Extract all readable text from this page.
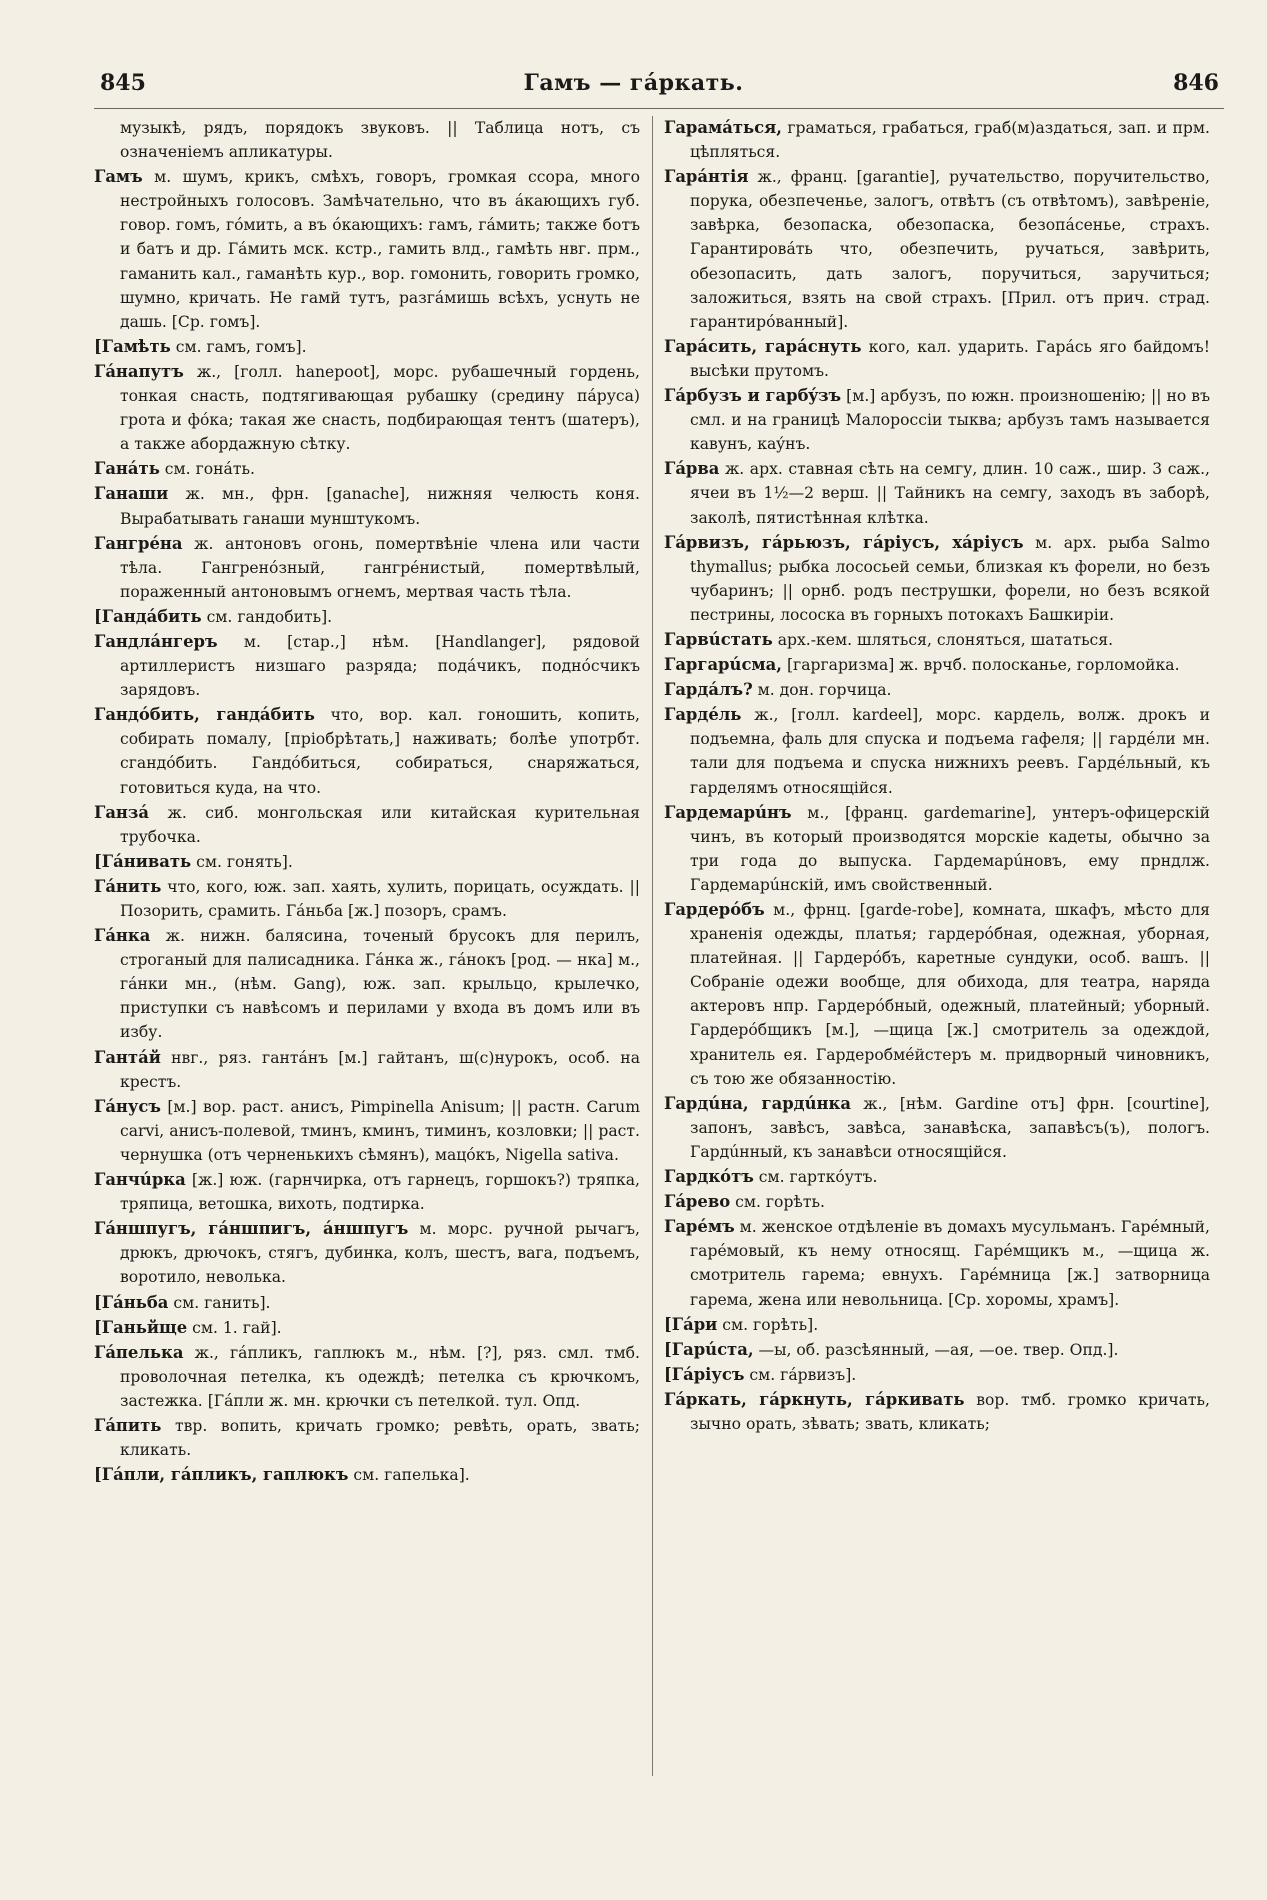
845	Гамъ — гáркать.	846

музыкѣ, рядъ, порядокъ звуковъ. || Таблица нотъ, съ означенiемъ апликатуры.

Гамъ м. шумъ, крикъ, смѣхъ, говоръ, громкая ссора, много нестройныхъ голосовъ. Замѣчательно, что въ áкающихъ губ. говор. гомъ, гóмить, а въ óкающихъ: гамъ, гáмить; также ботъ и батъ и др. Гáмить мск. кстр., гамить влд., гамѣть нвг. прм., гаманить кал., гаманѣть кур., вор. гомонить, говорить громко, шумно, кричать. Не гамй тутъ, разгáмишь всѣхъ, уснуть не дашь. [Ср. гомъ].

[Гамѣть см. гамъ, гомъ].

Гáнапутъ ж., [голл. haneроot], морс. рубашечный гордень, тонкая снасть, подтягивающая рубашку (средину пáруса) грота и фóка; такая же снасть, подбирающая тентъ (шатеръ), а также абордажную сѣтку.

Ганáть см. гонáть.

Ганаши ж. мн., фрн. [ganache], нижняя челюсть коня. Вырабатывать ганаши мунштукомъ.

Гангрéна ж. антоновъ огонь, помертвѣнiе члена или части тѣла. Гангренóзный, гангрéнистый, помертвѣлый, пораженный антоновымъ огнемъ, мертвая часть тѣла.

[Гандáбить см. гандобить].

Гандлáнгеръ м. [стар.,] нѣм. [Handlanger], рядовой артиллеристъ низшаго разряда; подáчикъ, поднóсчикъ зарядовъ.

Гандóбить, гандáбить что, вор. кал. гоношить, копить, собирать помалу, [прiобрѣтать,] наживать; болѣе употрбт. сгандóбить. Гандóбиться, собираться, снаряжаться, готовиться куда, на что.

Ганзá ж. сиб. монгольская или китайская курительная трубочка.

[Гáнивать см. гонять].

Гáнить что, кого, юж. зап. хаять, хулить, порицать, осуждать. || Позорить, срамить. Гáньба [ж.] позоръ, срамъ.

Гáнка ж. нижн. балясина, точеный брусокъ для перилъ, строганый для палисадника. Гáнка ж., гáнокъ [род. — нка] м., гáнки мн., (нѣм. Gang), юж. зап. крыльцо, крылечко, приступки съ навѣсомъ и перилами у входа въ домъ или въ избу.

Гантáй нвг., ряз. гантáнъ [м.] гайтанъ, ш(с)нурокъ, особ. на крестъ.

Гáнусъ [м.] вор. раст. анисъ, Pimpinella Anisum; || растн. Carum carvi, анисъ-полевой, тминъ, кминъ, тиминъ, козловки; || раст. чернушка (отъ черненькихъ сѣмянъ), мацóкъ, Nigella sativa.

Ганчúрка [ж.] юж. (гарнчирка, отъ гарнецъ, горшокъ?) тряпка, тряпица, ветошка, вихоть, подтирка.

Гáншпугъ, гáншпигъ, áншпугъ м. морс. ручной рычагъ, дрюкъ, дрючокъ, стягъ, дубинка, колъ, шестъ, вага, подъемъ, воротило, неволька.

[Гáньба см. ганить].

[Ганьйще см. 1. гай].

Гáпелька ж., гáпликъ, гаплюкъ м., нѣм. [?], ряз. смл. тмб. проволочная петелка, къ одеждѣ; петелка съ крючкомъ, застежка. [Гáпли ж. мн. крючки съ петелкой. тул. Опд.

Гáпить твр. вопить, кричать громко; ревѣть, орать, звать; кликать.

[Гáпли, гáпликъ, гаплюкъ см. гапелька].

Гарамáться, граматься, грабаться, граб(м)аздаться, зап. и прм. цѣпляться.

Гарáнтiя ж., франц. [garantie], ручательство, поручительство, порука, обезпеченье, залогъ, отвѣтъ (съ отвѣтомъ), завѣренiе, завѣрка, безопаска, обезопаска, безопáсенье, страхъ. Гарантировáть что, обезпечить, ручаться, завѣрить, обезопасить, дать залогъ, поручиться, заручиться; заложиться, взять на свой страхъ. [Прил. отъ прич. страд. гарантирóванный].

Гарáсить, гарáснуть кого, кал. ударить. Гарáсь яго байдомъ! высѣки прутомъ.

Гáрбузъ и гарбýзъ [м.] арбузъ, по южн. произношенiю; || но въ смл. и на границѣ Малороссiи тыква; арбузъ тамъ называется кавунъ, каýнъ.

Гáрва ж. арх. ставная сѣть на семгу, длин. 10 саж., шир. 3 саж., ячеи въ 1½—2 верш. || Тайникъ на семгу, заходъ въ заборѣ, заколѣ, пятистѣнная клѣтка.

Гáрвизъ, гáрьюзъ, гáрiусъ, хáрiусъ м. арх. рыба Salmo thymallus; рыбка лососьей семьи, близкая къ форели, но безъ чубаринъ; || орнб. родъ пеструшки, форели, но безъ всякой пестрины, лососка въ горныхъ потокахъ Башкирiи.

Гарвúстать арх.-кем. шляться, слоняться, шататься.

Гаргарúсма, [гаргаризма] ж. врчб. полосканье, горломойка.

Гардáлъ? м. дон. горчица.

Гардéль ж., [голл. kardeel], морс. кардель, волж. дрокъ и подъемна, фаль для спуска и подъема гафеля; || гардéли мн. тали для подъема и спуска нижнихъ реевъ. Гардéльный, къ гарделямъ относящiйся.

Гардемарúнъ м., [франц. gardemarine], унтеръ-офицерскiй чинъ, въ который производятся морскiе кадеты, обычно за три года до выпуска. Гардемарúновъ, ему прндлж. Гардемарúнскiй, имъ свойственный.

Гардерóбъ м., фрнц. [garde-robe], комната, шкафъ, мѣсто для храненiя одежды, платья; гардерóбная, одежная, уборная, платейная. || Гардерóбъ, каретные сундуки, особ. вашъ. || Собранiе одежи вообще, для обихода, для театра, наряда актеровъ нпр. Гардерóбный, одежный, платейный; уборный. Гардерóбщикъ [м.], —щица [ж.] смотритель за одеждой, хранитель ея. Гардеробмéйстеръ м. придворный чиновникъ, съ тою же обязанностiю.

Гардúна, гардúнка ж., [нѣм. Gardine отъ] фрн. [courtine], запонъ, завѣсъ, завѣса, занавѣска, запавѣсъ(ъ), пологъ. Гардúнный, къ занавѣси относящiйся.

Гардкóтъ см. гарткóутъ.

Гáрево см. горѣть.

Гарéмъ м. женское отдѣленiе въ домахъ мусульманъ. Гарéмный, гарéмовый, къ нему относящ. Гарéмщикъ м., —щица ж. смотритель гарема; евнухъ. Гарéмница [ж.] затворница гарема, жена или невольница. [Ср. хоромы, храмъ].

[Гáри см. горѣть].

[Гарúста, —ы, об. разсѣянный, —ая, —ое. твер. Опд.].

[Гáрiусъ см. гáрвизъ].

Гáркать, гáркнуть, гáркивать вор. тмб. громко кричать, зычно орать, зѣвать; звать, кликать;
